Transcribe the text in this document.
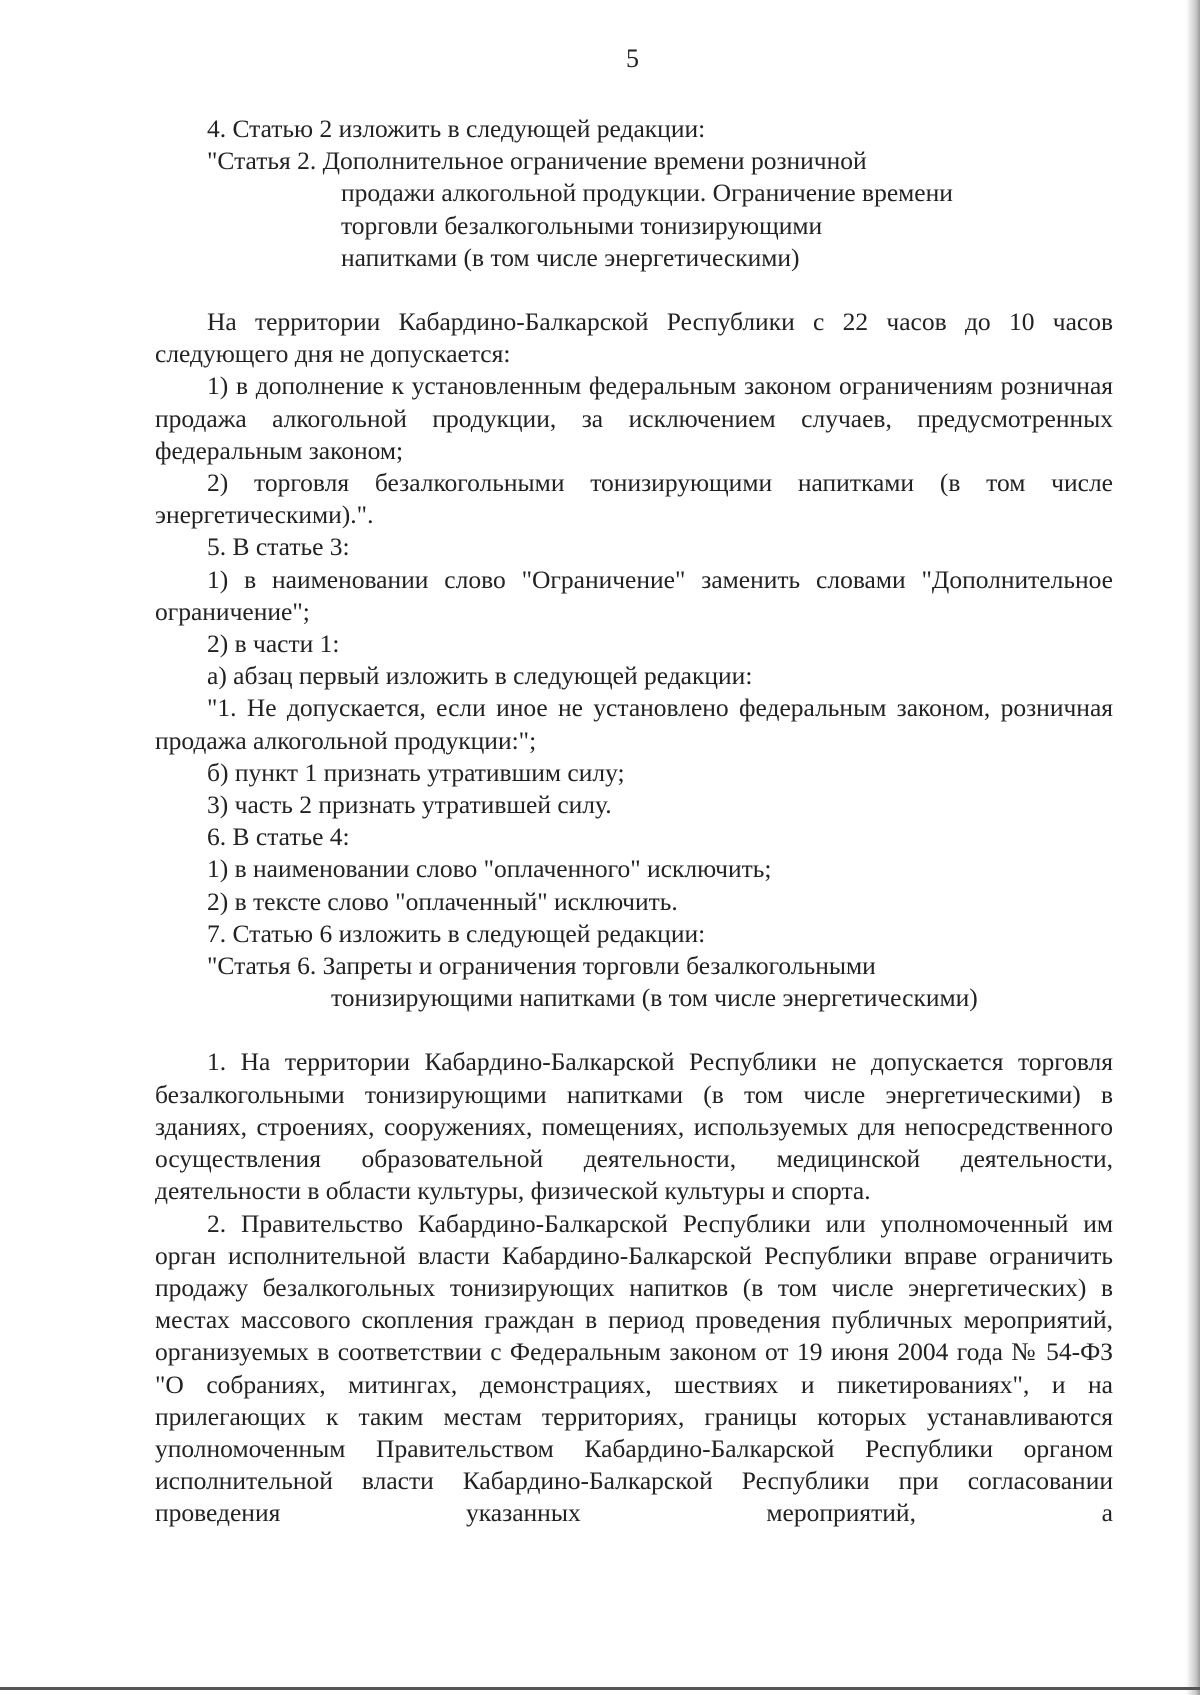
5

4. Статью 2 изложить в следующей редакции:

"Статья 2. Дополнительное ограничение времени розничной
продажи алкогольной продукции. Ограничение времени
торговли безалкогольными тонизирующими
напитками (в том числе энергетическими)

На территории Кабардино-Балкарской Республики с 22 часов до 10 часов следующего дня не допускается:

1) в дополнение к установленным федеральным законом ограничениям розничная продажа алкогольной продукции, за исключением случаев, предусмотренных федеральным законом;

2) торговля безалкогольными тонизирующими напитками (в том числе энергетическими).".

5. В статье 3:

1) в наименовании слово "Ограничение" заменить словами "Дополнительное ограничение";

2) в части 1:

а) абзац первый изложить в следующей редакции:

"1. Не допускается, если иное не установлено федеральным законом, розничная продажа алкогольной продукции:";

б) пункт 1 признать утратившим силу;

3) часть 2 признать утратившей силу.

6. В статье 4:

1) в наименовании слово "оплаченного" исключить;

2) в тексте слово "оплаченный" исключить.

7. Статью 6 изложить в следующей редакции:

"Статья 6. Запреты и ограничения торговли безалкогольными
тонизирующими напитками (в том числе энергетическими)

1. На территории Кабардино-Балкарской Республики не допускается торговля безалкогольными тонизирующими напитками (в том числе энергетическими) в зданиях, строениях, сооружениях, помещениях, используемых для непосредственного осуществления образовательной деятельности, медицинской деятельности, деятельности в области культуры, физической культуры и спорта.

2. Правительство Кабардино-Балкарской Республики или уполномоченный им орган исполнительной власти Кабардино-Балкарской Республики вправе ограничить продажу безалкогольных тонизирующих напитков (в том числе энергетических) в местах массового скопления граждан в период проведения публичных мероприятий, организуемых в соответствии с Федеральным законом от 19 июня 2004 года № 54-ФЗ "О собраниях, митингах, демонстрациях, шествиях и пикетированиях", и на прилегающих к таким местам территориях, границы которых устанавливаются уполномоченным Правительством Кабардино-Балкарской Республики органом исполнительной власти Кабардино-Балкарской Республики при согласовании проведения указанных мероприятий, а
